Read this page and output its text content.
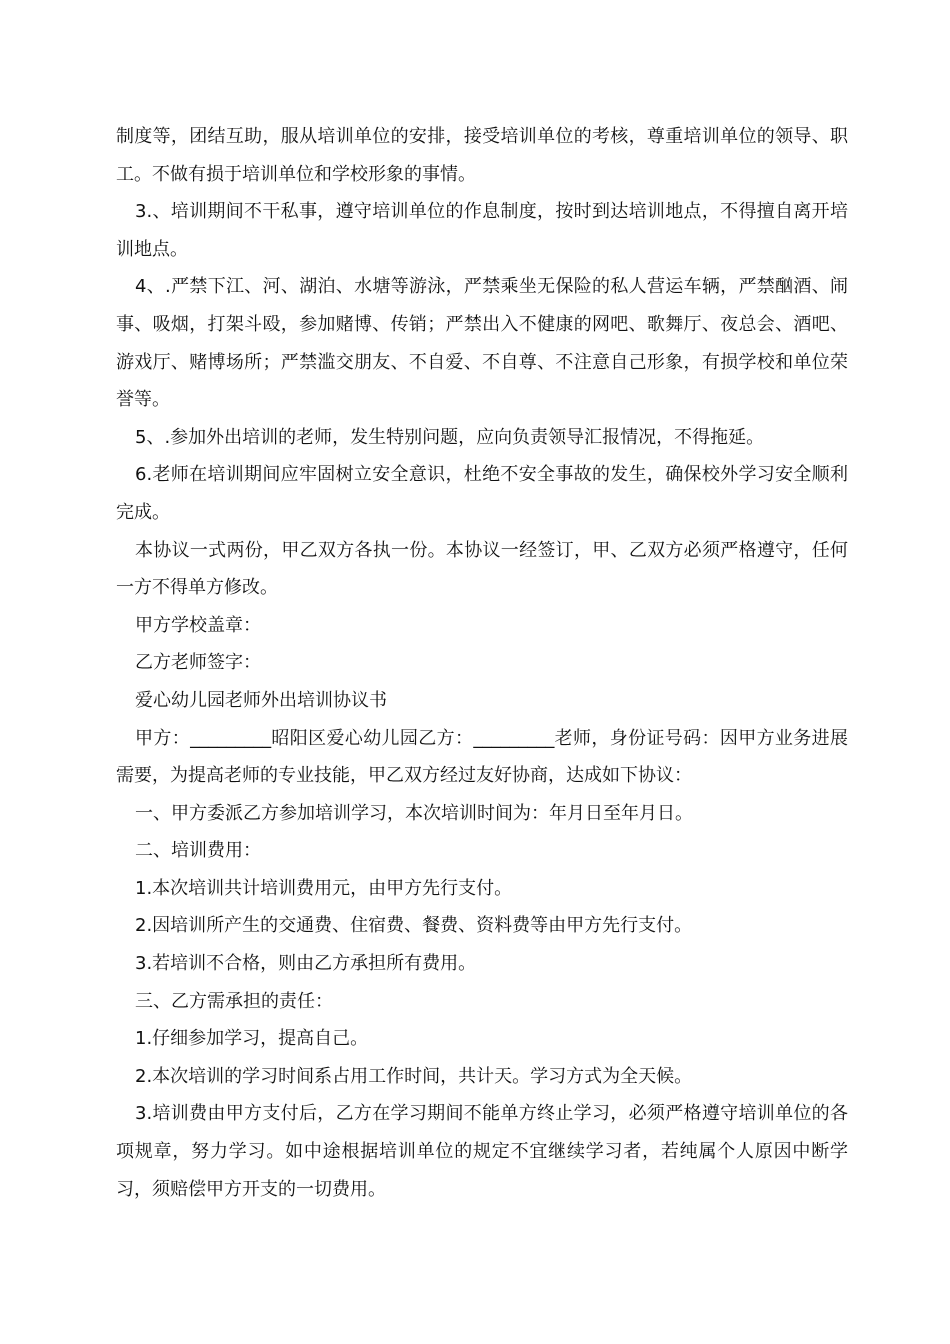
制度等，团结互助，服从培训单位的安排，接受培训单位的考核，尊重培训单位的领导、职工。不做有损于培训单位和学校形象的事情。

3.、培训期间不干私事，遵守培训单位的作息制度，按时到达培训地点，不得擅自离开培训地点。

4、.严禁下江、河、湖泊、水塘等游泳，严禁乘坐无保险的私人营运车辆，严禁酗酒、闹事、吸烟，打架斗殴，参加赌博、传销；严禁出入不健康的网吧、歌舞厅、夜总会、酒吧、游戏厅、赌博场所；严禁滥交朋友、不自爱、不自尊、不注意自己形象，有损学校和单位荣誉等。

5、.参加外出培训的老师，发生特别问题，应向负责领导汇报情况，不得拖延。

6.老师在培训期间应牢固树立安全意识，杜绝不安全事故的发生，确保校外学习安全顺利完成。

本协议一式两份，甲乙双方各执一份。本协议一经签订，甲、乙双方必须严格遵守，任何一方不得单方修改。

甲方学校盖章：

乙方老师签字：

爱心幼儿园老师外出培训协议书

甲方：_________昭阳区爱心幼儿园乙方：_________老师，身份证号码：因甲方业务进展需要，为提高老师的专业技能，甲乙双方经过友好协商，达成如下协议：

一、甲方委派乙方参加培训学习，本次培训时间为：年月日至年月日。

二、培训费用：

1.本次培训共计培训费用元，由甲方先行支付。

2.因培训所产生的交通费、住宿费、餐费、资料费等由甲方先行支付。

3.若培训不合格，则由乙方承担所有费用。

三、乙方需承担的责任：

1.仔细参加学习，提高自己。

2.本次培训的学习时间系占用工作时间，共计天。学习方式为全天候。

3.培训费由甲方支付后，乙方在学习期间不能单方终止学习，必须严格遵守培训单位的各项规章，努力学习。如中途根据培训单位的规定不宜继续学习者，若纯属个人原因中断学习，须赔偿甲方开支的一切费用。
